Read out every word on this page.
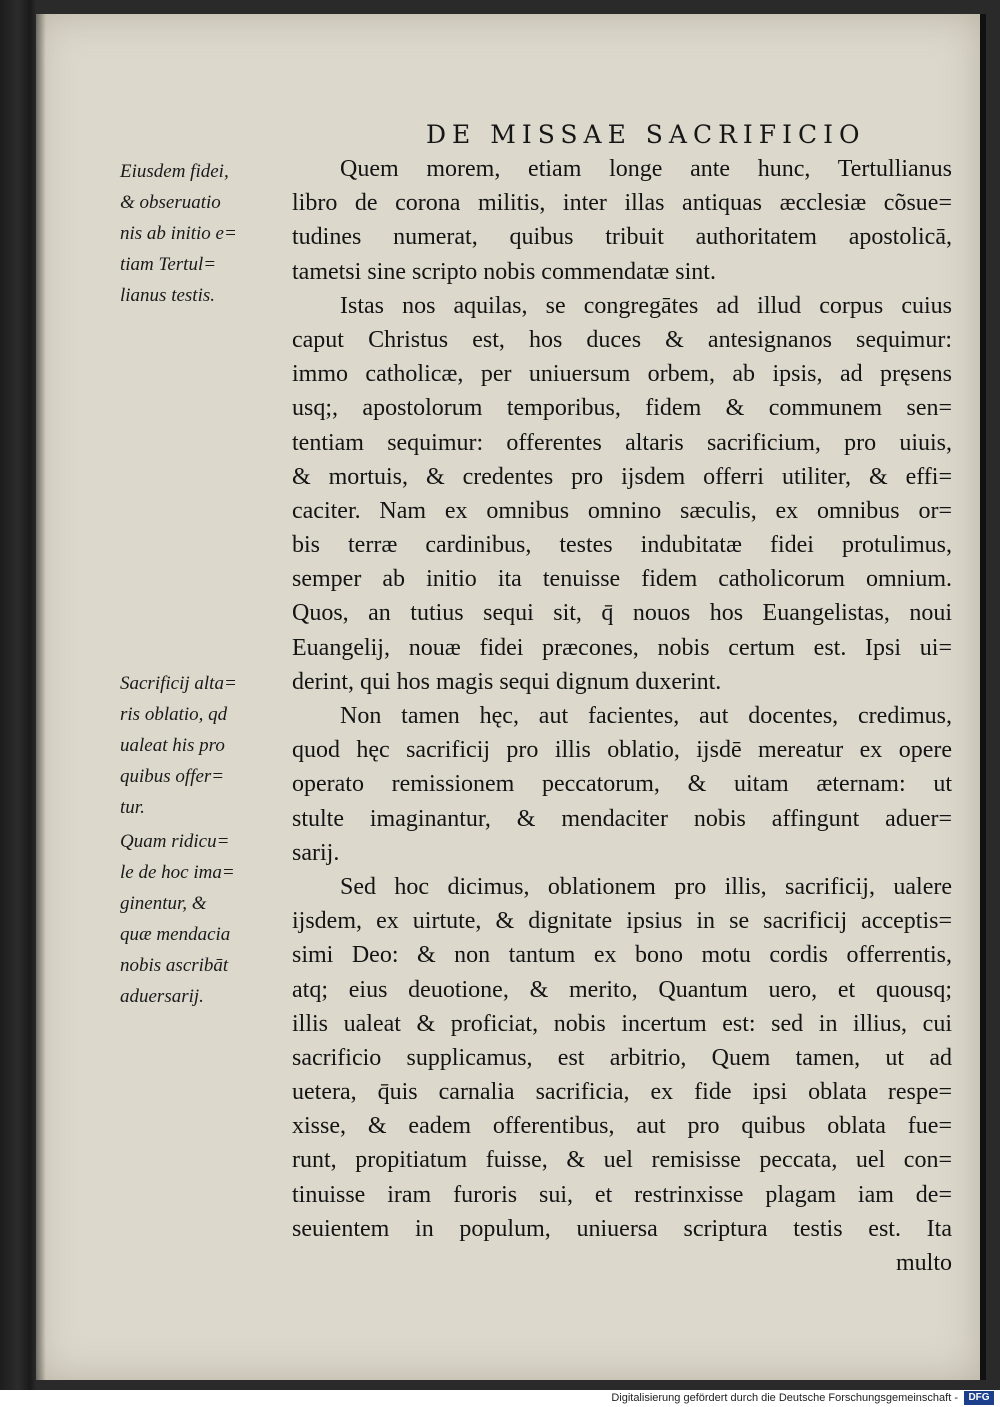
DE MISSAE SACRIFICIO
Eiusdem fidei,
& obseruatio
nis ab initio e=
tiam Tertul=
lianus testis.
Sacrificij alta=
ris oblatio, qd
ualeat his pro
quibus offer=
tur.
Quam ridicu=
le de hoc ima=
ginentur, &
quæ mendacia
nobis ascribāt
aduersarij.
Quem morem, etiam longe ante hunc, Tertullianus
libro de corona militis, inter illas antiquas æcclesiæ cõsue=
tudines numerat, quibus tribuit authoritatem apostolicā,
tametsi sine scripto nobis commendatæ sint.
Istas nos aquilas, se congregātes ad illud corpus cuius
caput Christus est, hos duces & antesignanos sequimur:
immo catholicæ, per uniuersum orbem, ab ipsis, ad pręsens
usq;, apostolorum temporibus, fidem & communem sen=
tentiam sequimur: offerentes altaris sacrificium, pro uiuis,
& mortuis, & credentes pro ijsdem offerri utiliter, & effi=
caciter. Nam ex omnibus omnino sæculis, ex omnibus or=
bis terræ cardinibus, testes indubitatæ fidei protulimus,
semper ab initio ita tenuisse fidem catholicorum omnium.
Quos, an tutius sequi sit, q̄ nouos hos Euangelistas, noui
Euangelij, nouæ fidei præcones, nobis certum est. Ipsi ui=
derint, qui hos magis sequi dignum duxerint.
Non tamen hęc, aut facientes, aut docentes, credimus,
quod hęc sacrificij pro illis oblatio, ijsdē mereatur ex opere
operato remissionem peccatorum, & uitam æternam: ut
stulte imaginantur, & mendaciter nobis affingunt aduer=
sarij.
Sed hoc dicimus, oblationem pro illis, sacrificij, ualere
ijsdem, ex uirtute, & dignitate ipsius in se sacrificij acceptis=
simi Deo: & non tantum ex bono motu cordis offerrentis,
atq; eius deuotione, & merito, Quantum uero, et quousq;
illis ualeat & proficiat, nobis incertum est: sed in illius, cui
sacrificio supplicamus, est arbitrio, Quem tamen, ut ad
uetera, q̄uis carnalia sacrificia, ex fide ipsi oblata respe=
xisse, & eadem offerentibus, aut pro quibus oblata fue=
runt, propitiatum fuisse, & uel remisisse peccata, uel con=
tinuisse iram furoris sui, et restrinxisse plagam iam de=
seuientem in populum, uniuersa scriptura testis est. Ita
multo
Digitalisierung gefördert durch die Deutsche Forschungsgemeinschaft -	DFG
